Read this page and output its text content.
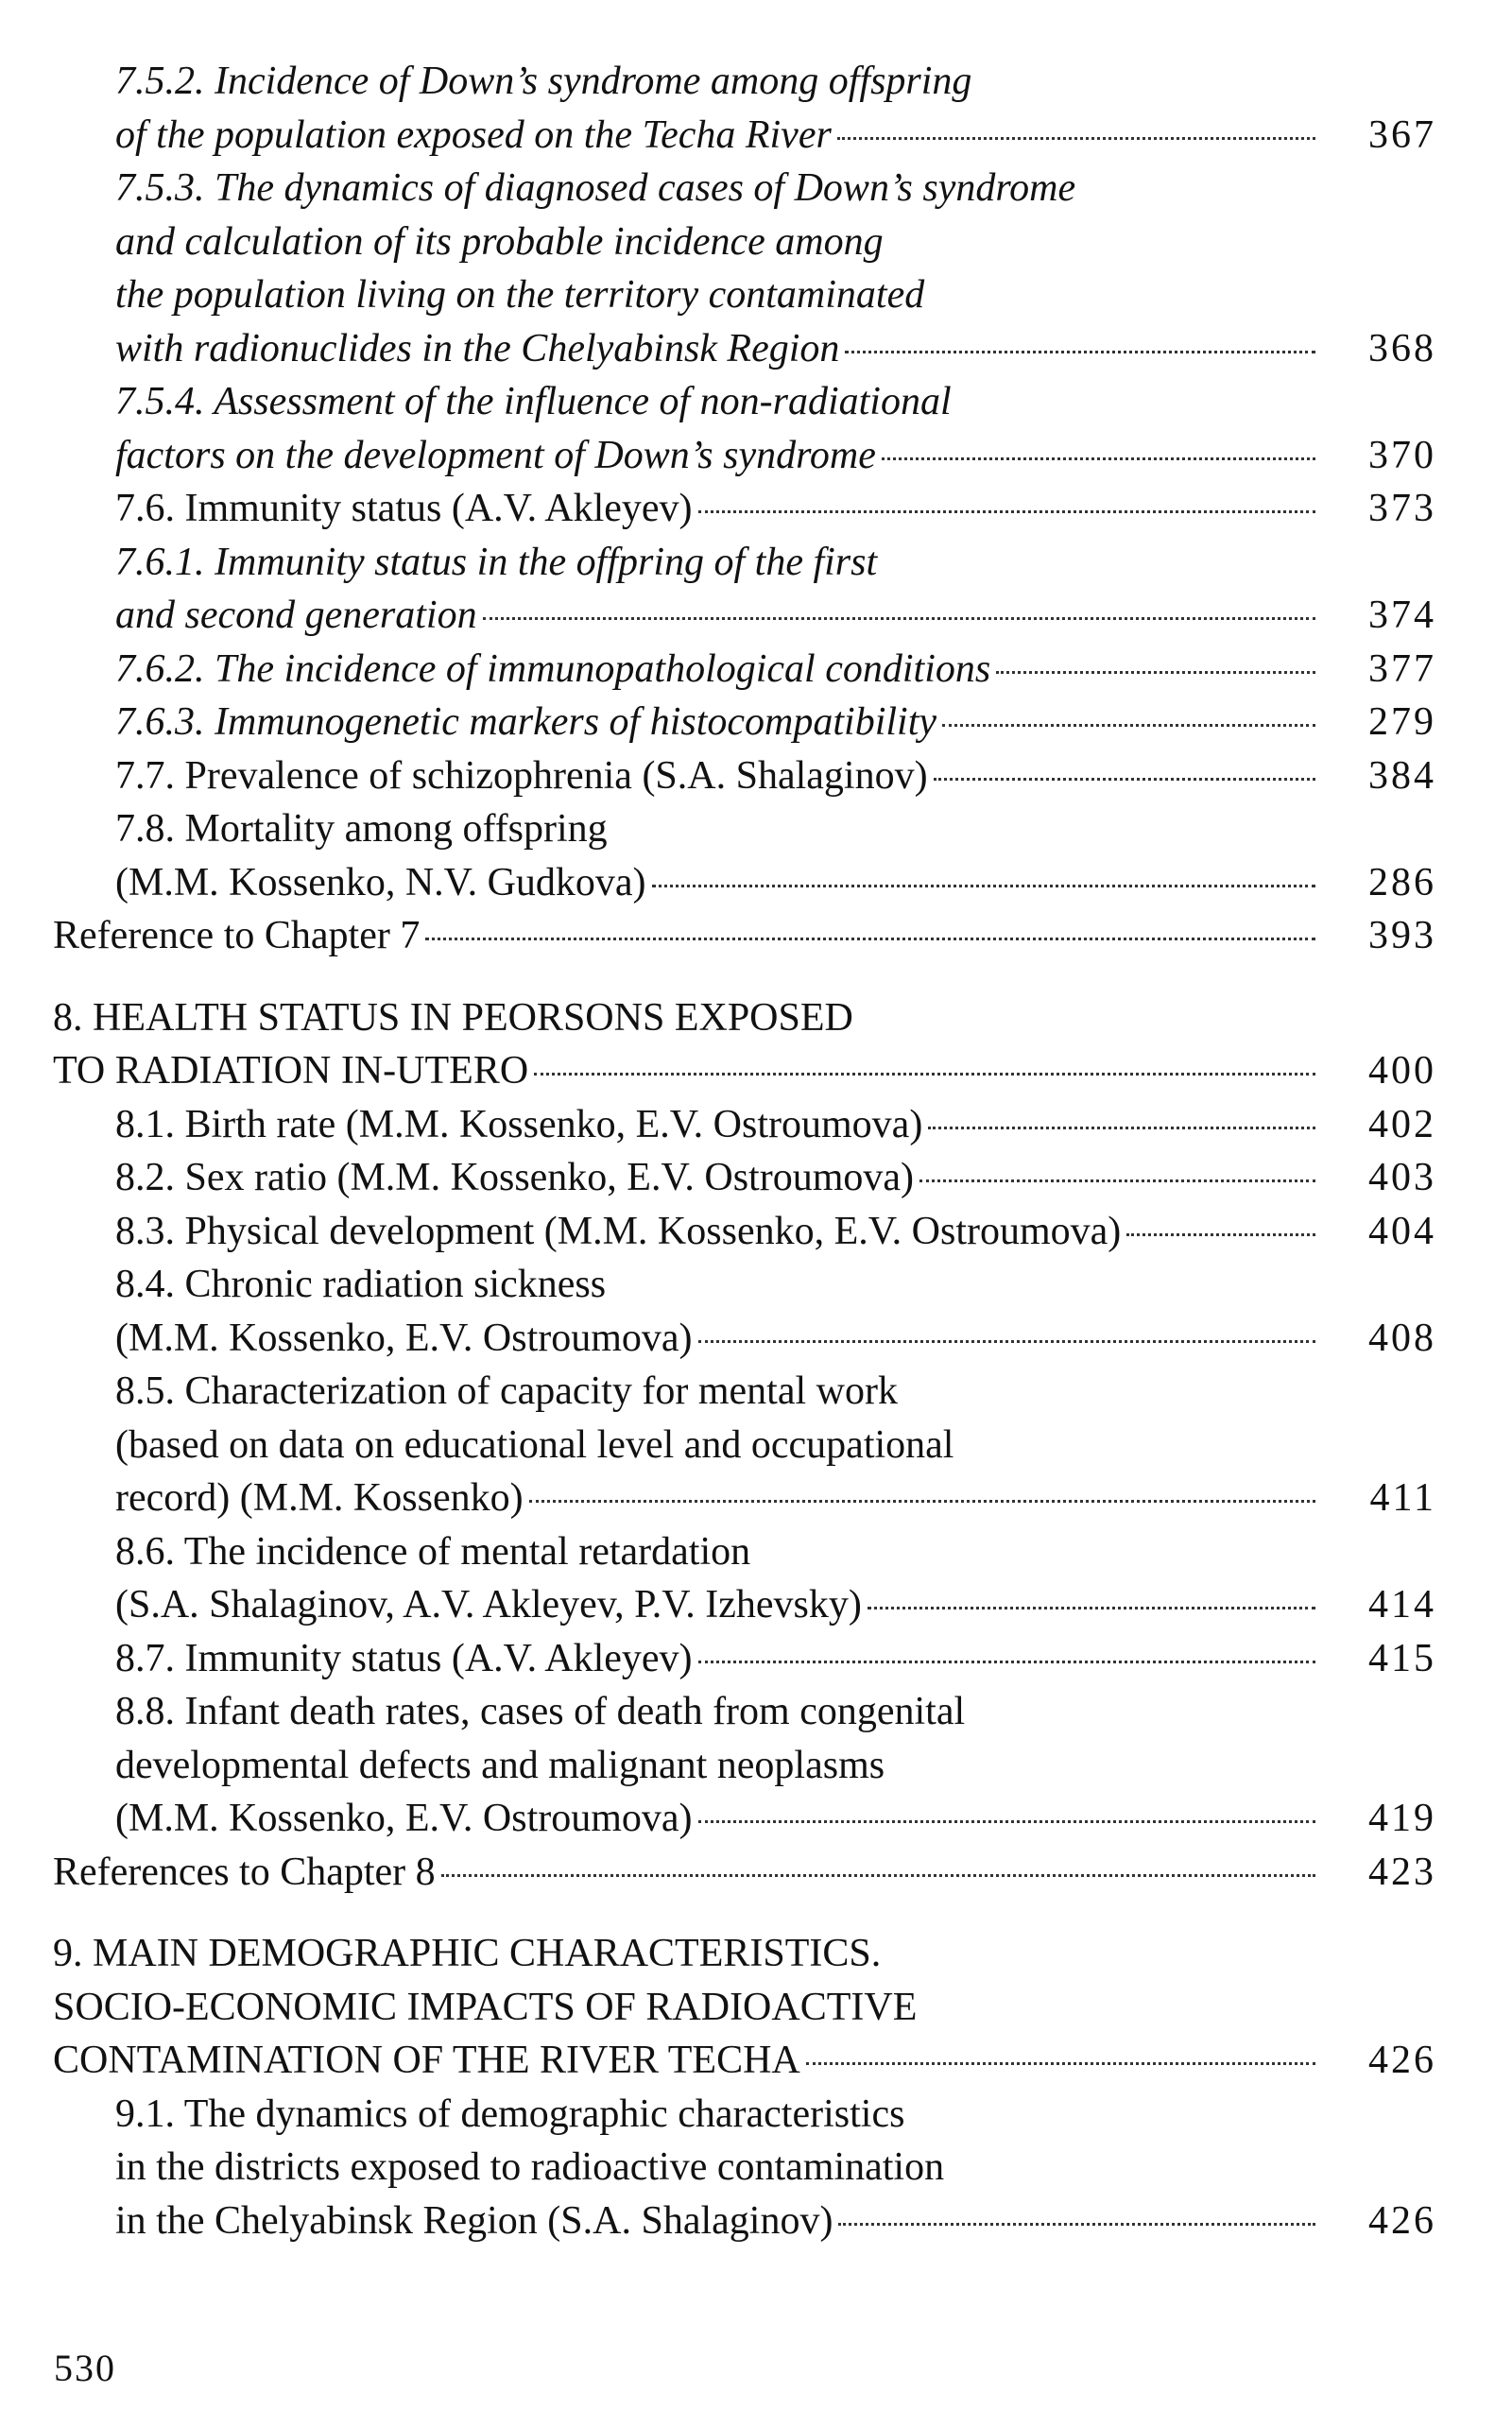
7.5.2. Incidence of Down’s syndrome among offspring
of the population exposed on the Techa River	367
7.5.3. The dynamics of diagnosed cases of Down’s syndrome
and calculation of its probable incidence among
the population living on the territory contaminated
with radionuclides in the Chelyabinsk Region	368
7.5.4. Assessment of the influence of non-radiational
factors on the development of Down’s syndrome	370
7.6. Immunity status (A.V. Akleyev)	373
7.6.1. Immunity status in the offpring of the first
and second generation	374
7.6.2. The incidence of immunopathological conditions	377
7.6.3. Immunogenetic markers of histocompatibility	279
7.7. Prevalence of schizophrenia (S.A. Shalaginov)	384
7.8. Mortality among offspring
(M.M. Kossenko, N.V. Gudkova)	286
Reference to Chapter 7	393
8. HEALTH STATUS IN PEORSONS EXPOSED
TO RADIATION IN-UTERO	400
8.1. Birth rate (M.M. Kossenko, E.V. Ostroumova)	402
8.2. Sex ratio (M.M. Kossenko, E.V. Ostroumova)	403
8.3. Physical development (M.M. Kossenko, E.V. Ostroumova)	404
8.4. Chronic radiation sickness
(M.M. Kossenko, E.V. Ostroumova)	408
8.5. Characterization of capacity for mental work
(based on data on educational level and occupational
record) (M.M. Kossenko)	411
8.6. The incidence of mental retardation
(S.A. Shalaginov, A.V. Akleyev, P.V. Izhevsky)	414
8.7. Immunity status (A.V. Akleyev)	415
8.8. Infant death rates, cases of death from congenital
developmental defects and malignant neoplasms
(M.M. Kossenko, E.V. Ostroumova)	419
References to Chapter 8	423
9. MAIN DEMOGRAPHIC CHARACTERISTICS.
SOCIO-ECONOMIC IMPACTS OF RADIOACTIVE
CONTAMINATION OF THE RIVER TECHA	426
9.1. The dynamics of demographic characteristics
in the districts exposed to radioactive contamination
in the Chelyabinsk Region (S.A. Shalaginov)	426
530
